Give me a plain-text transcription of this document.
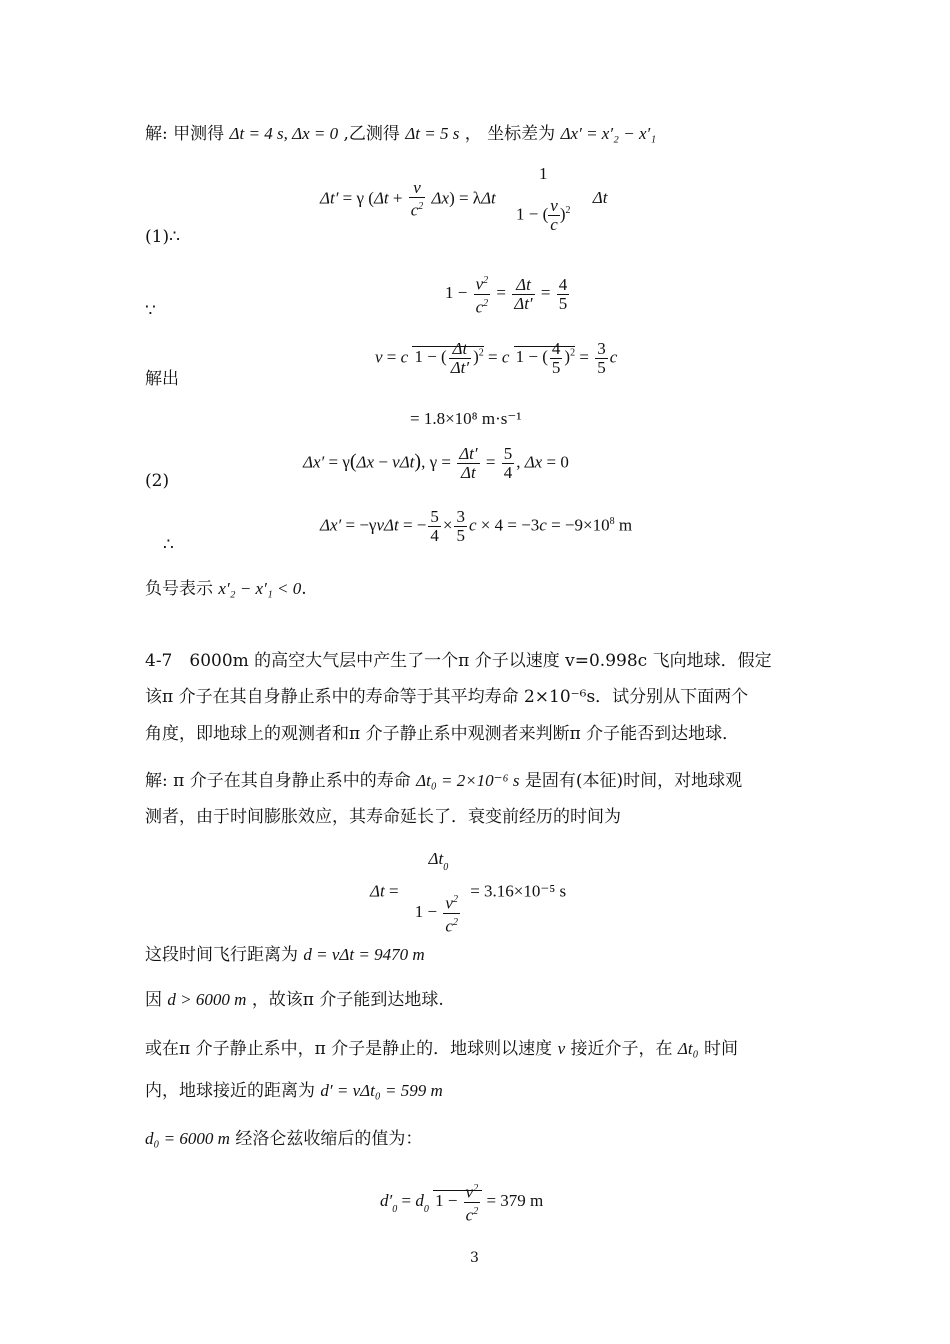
解: 甲测得 Δt = 4 s, Δx = 0 ,乙测得 Δt = 5 s ， 坐标差为 Δx′ = x′₂ − x′₁
Δt′ = γ $(\Delta t + \frac{v}{c^2} \Delta x) = \lambda\Delta t$
1
1 − ( $\frac{v}{c} )^2$
Δt
(1)∴
$1 - \frac{v^2}{c^2} = \frac{\Delta t}{\Delta t'} = \frac{4}{5}$
∵
v = c 1 − ( $\frac{\Delta t}{\Delta t'} )^2 = c$ 1 − ( $\frac{4}{5} )^2 = \frac{3}{5}$ c
解出
= 1.8×10⁸ m·s⁻¹
Δx′ = γ(Δx − vΔt), $\gamma = \frac{\Delta t'}{\Delta t} = \frac{5}{4}$ , Δx = 0
(2)
Δx′ = −γvΔt = − $\frac{5}{4} \times \frac{3}{5}$ $c \times 4 = -3c = -9\times 10^8$ m
∴
负号表示 x′₂ − x′₁ < 0.
4-7　6000m 的高空大气层中产生了一个π 介子以速度 v=0.998c 飞向地球．假定
该π 介子在其自身静止系中的寿命等于其平均寿命 2×10⁻⁶s．试分别从下面两个
角度，即地球上的观测者和π 介子静止系中观测者来判断π 介子能否到达地球．
解: π 介子在其自身静止系中的寿命 Δt₀ = 2×10⁻⁶ s 是固有(本征)时间，对地球观
测者，由于时间膨胀效应，其寿命延长了．衰变前经历的时间为
Δt =
$\Delta t_0$
$1 - \frac{v^2}{c^2} = 3.16\times 10^{-5}$ s
这段时间飞行距离为 d = vΔt = 9470 m
因 d > 6000 m ，故该π 介子能到达地球.
或在π 介子静止系中，π 介子是静止的．地球则以速度 v 接近介子，在 Δt₀ 时间
内，地球接近的距离为 d′ = vΔt₀ = 599 m
d₀ = 6000 m 经洛仑兹收缩后的值为：
$d'_0 = d_0$ $1 - \frac{v^2}{c^2} = 379$ m
3
